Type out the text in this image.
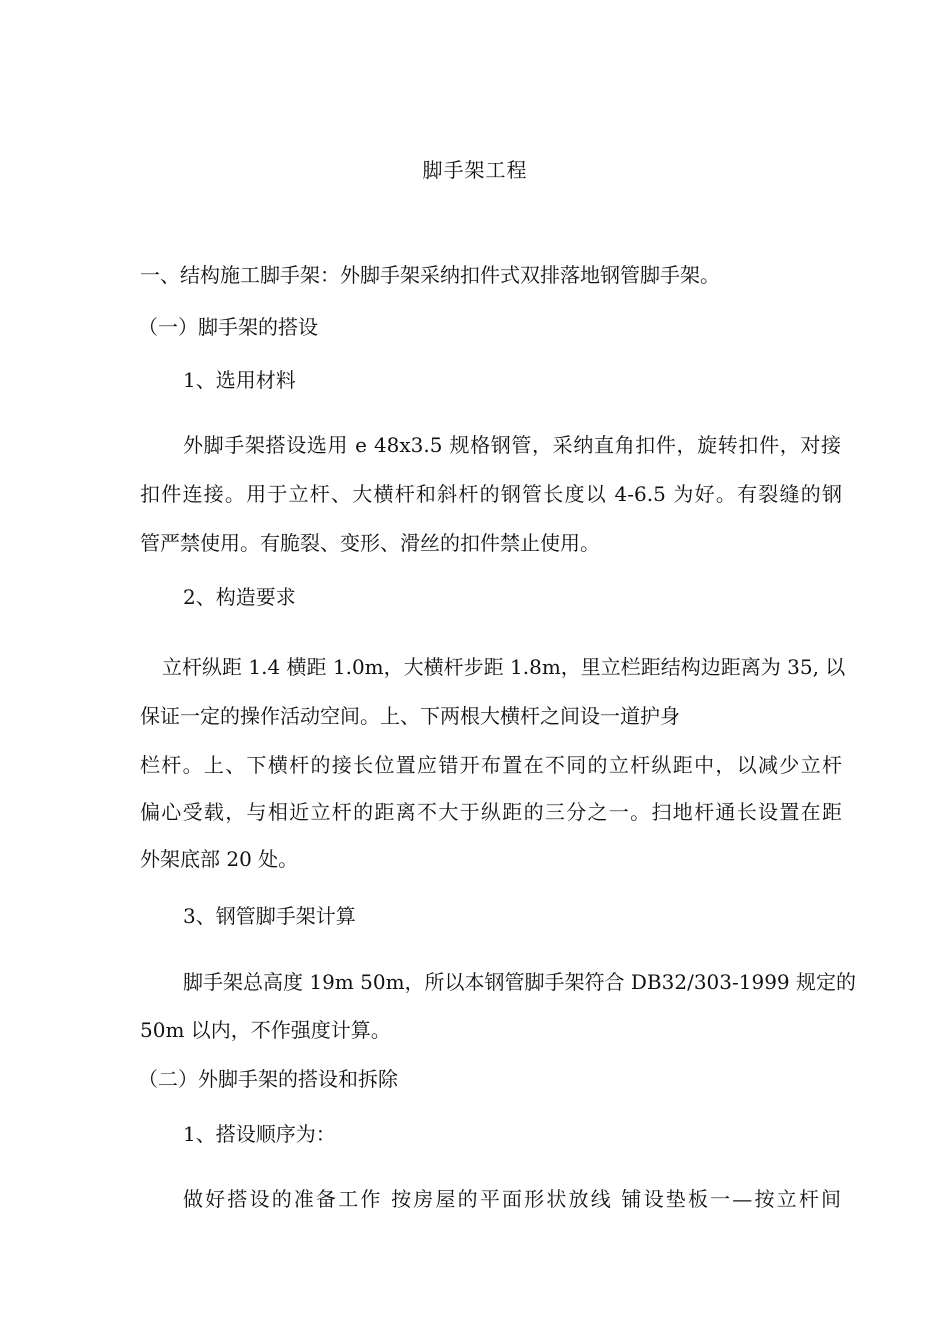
脚手架工程
一、结构施工脚手架：外脚手架采纳扣件式双排落地钢管脚手架。
（一）脚手架的搭设
1、选用材料
外脚手架搭设选用 e 48x3.5 规格钢管，采纳直角扣件，旋转扣件，对接
扣件连接。用于立杆、大横杆和斜杆的钢管长度以 4-6.5 为好。有裂缝的钢
管严禁使用。有脆裂、变形、滑丝的扣件禁止使用。
2、构造要求
立杆纵距 1.4 横距 1.0m，大横杆步距 1.8m，里立栏距结构边距离为 35, 以
保证一定的操作活动空间。上、下两根大横杆之间设一道护身
栏杆。上、下横杆的接长位置应错开布置在不同的立杆纵距中，以减少立杆
偏心受载，与相近立杆的距离不大于纵距的三分之一。扫地杆通长设置在距
外架底部 20 处。
3、钢管脚手架计算
脚手架总高度 19m 50m，所以本钢管脚手架符合 DB32/303-1999 规定的
50m 以内，不作强度计算。
（二）外脚手架的搭设和拆除
1、搭设顺序为：
做好搭设的准备工作 按房屋的平面形状放线 铺设垫板一—按立杆间
